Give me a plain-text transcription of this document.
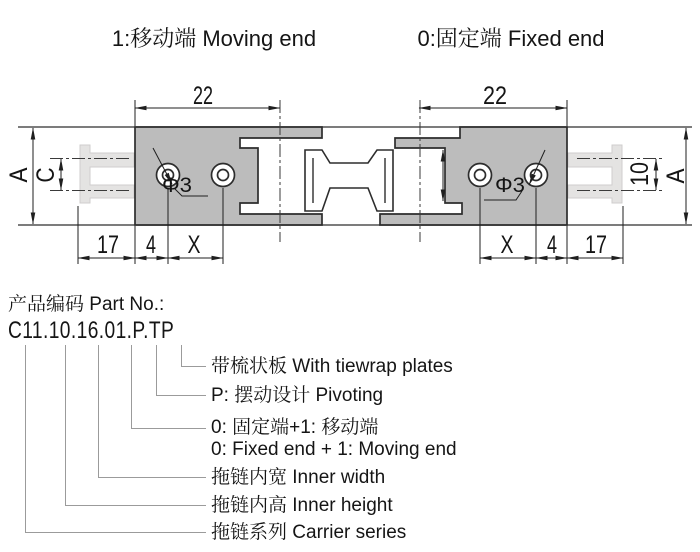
1:移动端 Moving end	0:固定端 Fixed end
22	22
A C
Φ3	Φ3	10 A
17 4 X	X 4 17
产品编码 Part No.:
C11.10.16.01.P.TP
带梳状板 With tiewrap plates
P: 摆动设计 Pivoting
0: 固定端+1: 移动端
0: Fixed end + 1: Moving end
拖链内宽 Inner width
拖链内高 Inner height
拖链系列 Carrier series
